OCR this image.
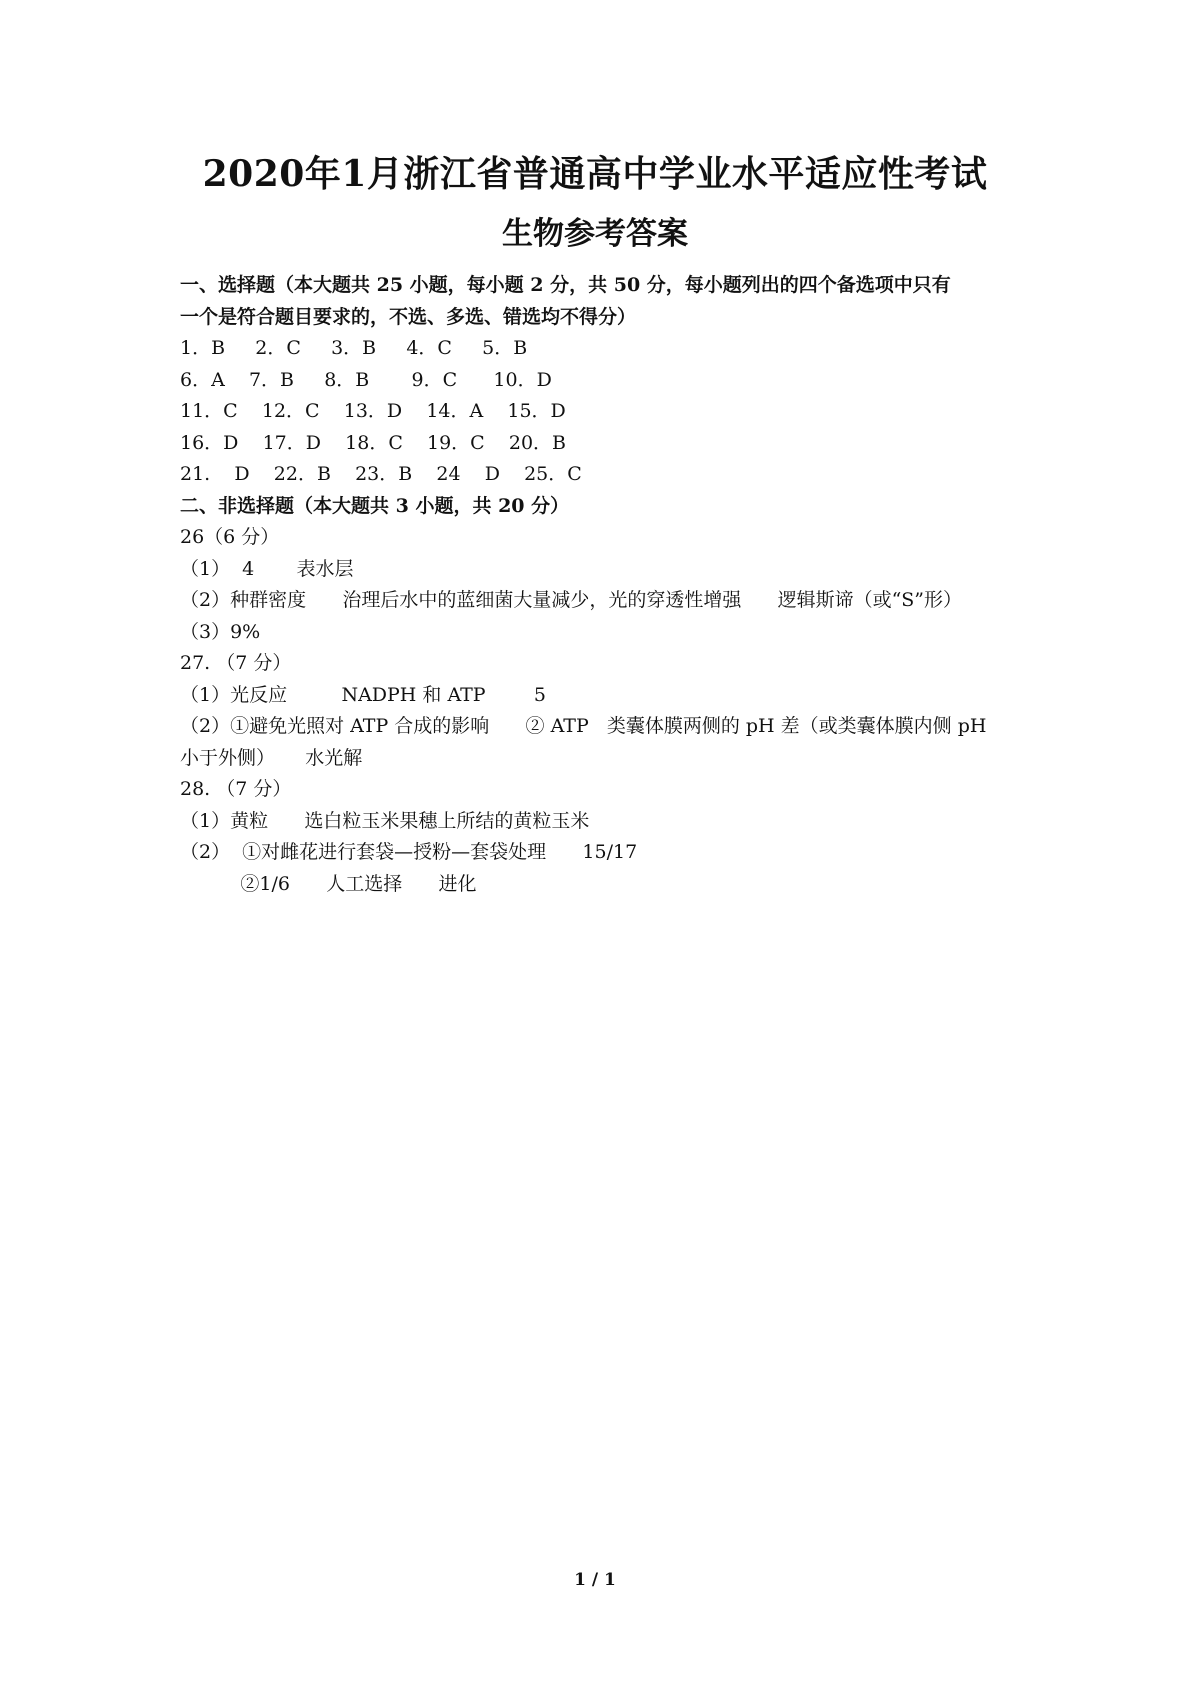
2020年1月浙江省普通高中学业水平适应性考试
生物参考答案
一、选择题（本大题共 25 小题，每小题 2 分，共 50 分，每小题列出的四个备选项中只有
一个是符合题目要求的，不选、多选、错选均不得分）
1．B     2．C     3．B     4．C     5．B
6．A    7．B     8．B       9．C      10．D
11．C    12．C    13．D    14．A    15．D
16．D    17．D    18．C    19．C    20．B
21.    D    22．B    23．B    24    D    25．C
二、非选择题（本大题共 3 小题，共 20 分）
26（6 分）
（1）  4       表水层
（2）种群密度      治理后水中的蓝细菌大量减少，光的穿透性增强      逻辑斯谛（或“S”形）
（3）9%
27. （7 分）
（1）光反应         NADPH 和 ATP        5
（2）①避免光照对 ATP 合成的影响      ② ATP   类囊体膜两侧的 pH 差（或类囊体膜内侧 pH
小于外侧）     水光解
28. （7 分）
（1）黄粒      选白粒玉米果穗上所结的黄粒玉米
（2）  ①对雌花进行套袋—授粉—套袋处理      15/17
②1/6      人工选择      进化
1 / 1
